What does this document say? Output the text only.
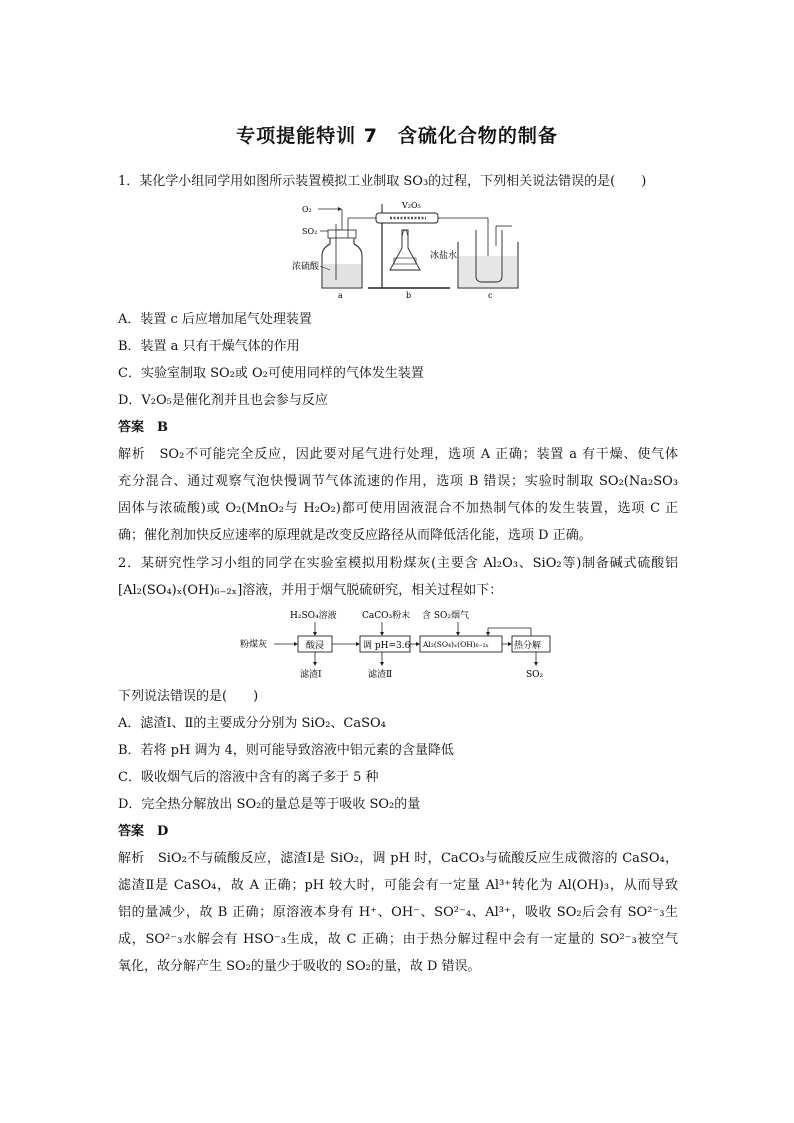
专项提能特训 7　含硫化合物的制备
1．某化学小组同学用如图所示装置模拟工业制取 SO₃的过程，下列相关说法错误的是(　　)
O₂
SO₂
浓硫酸
a
V₂O₅
b
冰盐水
c
A．装置 c 后应增加尾气处理装置
B．装置 a 只有干燥气体的作用
C．实验室制取 SO₂或 O₂可使用同样的气体发生装置
D．V₂O₅是催化剂并且也会参与反应
答案　B
解析　SO₂不可能完全反应，因此要对尾气进行处理，选项 A 正确；装置 a 有干燥、使气体
充分混合、通过观察气泡快慢调节气体流速的作用，选项 B 错误；实验时制取 SO₂(Na₂SO₃
固体与浓硫酸)或 O₂(MnO₂与 H₂O₂)都可使用固液混合不加热制气体的发生装置，选项 C 正
确；催化剂加快反应速率的原理就是改变反应路径从而降低活化能，选项 D 正确。
2．某研究性学习小组的同学在实验室模拟用粉煤灰(主要含 Al₂O₃、SiO₂等)制备碱式硫酸铝
[Al₂(SO₄)ₓ(OH)₆₋₂ₓ]溶液，并用于烟气脱硫研究，相关过程如下：
H₂SO₄溶液	CaCO₃粉末 含 SO₂烟气
粉煤灰	酸浸	调 pH=3.6 Al₂(SO₄)ₓ(OH)₆₋₂ₓ	热分解
滤渣Ⅰ	滤渣Ⅱ	SO₂
下列说法错误的是(　　)
A．滤渣Ⅰ、Ⅱ的主要成分分别为 SiO₂、CaSO₄
B．若将 pH 调为 4，则可能导致溶液中铝元素的含量降低
C．吸收烟气后的溶液中含有的离子多于 5 种
D．完全热分解放出 SO₂的量总是等于吸收 SO₂的量
答案　D
解析　SiO₂不与硫酸反应，滤渣Ⅰ是 SiO₂，调 pH 时，CaCO₃与硫酸反应生成微溶的 CaSO₄，
滤渣Ⅱ是 CaSO₄，故 A 正确；pH 较大时，可能会有一定量 Al³⁺转化为 Al(OH)₃，从而导致
铝的量减少，故 B 正确；原溶液本身有 H⁺、OH⁻、SO²⁻₄、Al³⁺，吸收 SO₂后会有 SO²⁻₃生
成，SO²⁻₃水解会有 HSO⁻₃生成，故 C 正确；由于热分解过程中会有一定量的 SO²⁻₃被空气
氧化，故分解产生 SO₂的量少于吸收的 SO₂的量，故 D 错误。
